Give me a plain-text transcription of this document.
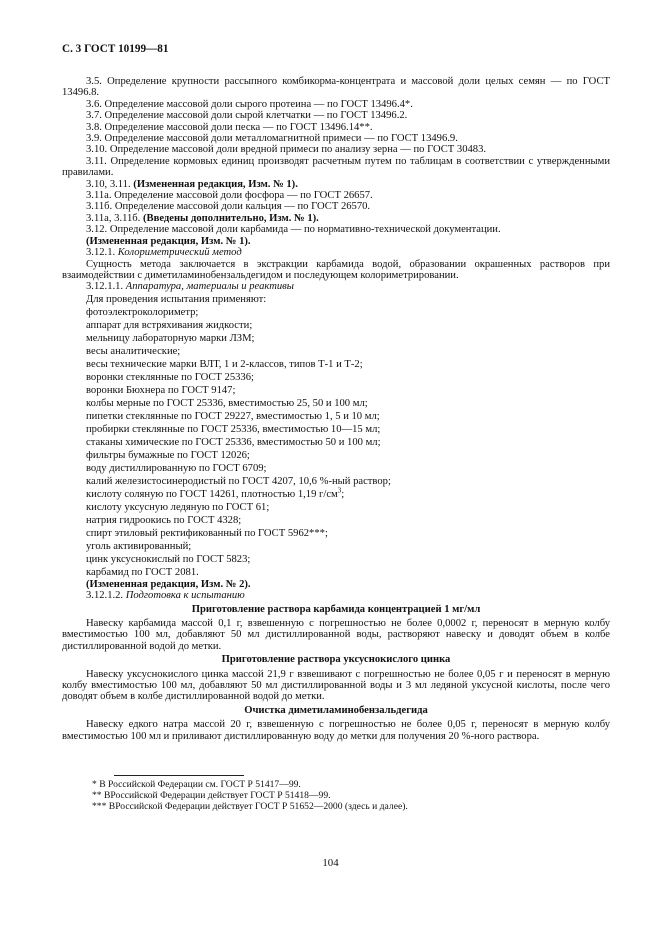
С. 3 ГОСТ 10199—81

3.5. Определение крупности рассыпного комбикорма-концентрата и массовой доли целых семян — по ГОСТ 13496.8.

3.6. Определение массовой доли сырого протеина — по ГОСТ 13496.4*.

3.7. Определение массовой доли сырой клетчатки — по ГОСТ 13496.2.

3.8. Определение массовой доли песка — по ГОСТ 13496.14**.

3.9. Определение массовой доли металломагнитной примеси — по ГОСТ 13496.9.

3.10. Определение массовой доли вредной примеси по анализу зерна — по ГОСТ 30483.

3.11. Определение кормовых единиц производят расчетным путем по таблицам в соответствии с утвержденными правилами.

3.10, 3.11. (Измененная редакция, Изм. № 1).

3.11а. Определение массовой доли фосфора — по ГОСТ 26657.

3.11б. Определение массовой доли кальция — по ГОСТ 26570.

3.11а, 3.11б. (Введены дополнительно, Изм. № 1).

3.12. Определение массовой доли карбамида — по нормативно-технической документации.

(Измененная редакция, Изм. № 1).

3.12.1. Колориметрический метод

Сущность метода заключается в экстракции карбамида водой, образовании окрашенных растворов при взаимодействии с диметиламинобензальдегидом и последующем колориметрировании.

3.12.1.1. Аппаратура, материалы и реактивы

Для проведения испытания применяют:

фотоэлектроколориметр;

аппарат для встряхивания жидкости;

мельницу лабораторную марки ЛЗМ;

весы аналитические;

весы технические марки ВЛТ, 1 и 2-классов, типов Т-1 и Т-2;

воронки стеклянные по ГОСТ 25336;

воронки Бюхнера по ГОСТ 9147;

колбы мерные по ГОСТ 25336, вместимостью 25, 50 и 100 мл;

пипетки стеклянные по ГОСТ 29227, вместимостью 1, 5 и 10 мл;

пробирки стеклянные по ГОСТ 25336, вместимостью 10—15 мл;

стаканы химические по ГОСТ 25336, вместимостью 50 и 100 мл;

фильтры бумажные по ГОСТ 12026;

воду дистиллированную по ГОСТ 6709;

калий железистосинеродистый по ГОСТ 4207, 10,6 %-ный раствор;

кислоту соляную по ГОСТ 14261, плотностью 1,19 $г/см^3$;

кислоту уксусную ледяную по ГОСТ 61;

натрия гидроокись по ГОСТ 4328;

спирт этиловый ректификованный по ГОСТ 5962***;

уголь активированный;

цинк уксуснокислый по ГОСТ 5823;

карбамид по ГОСТ 2081.

(Измененная редакция, Изм. № 2).

3.12.1.2. Подготовка к испытанию

Приготовление раствора карбамида концентрацией 1 мг/мл

Навеску карбамида массой 0,1 г, взвешенную с погрешностью не более 0,0002 г, переносят в мерную колбу вместимостью 100 мл, добавляют 50 мл дистиллированной воды, растворяют навеску и доводят объем в колбе дистиллированной водой до метки.

Приготовление раствора уксуснокислого цинка

Навеску уксуснокислого цинка массой 21,9 г взвешивают с погрешностью не более 0,05 г и переносят в мерную колбу вместимостью 100 мл, добавляют 50 мл дистиллированной воды и 3 мл ледяной уксусной кислоты, после чего доводят объем в колбе дистиллированной водой до метки.

Очистка диметиламинобензальдегида

Навеску едкого натра массой 20 г, взвешенную с погрешностью не более 0,05 г, переносят в мерную колбу вместимостью 100 мл и приливают дистиллированную воду до метки для получения 20 %-ного раствора.

* В Российской Федерации см. ГОСТ Р 51417—99.

** ВРоссийской Федерации действует ГОСТ Р 51418—99.

*** ВРоссийской Федерации действует ГОСТ Р 51652—2000 (здесь и далее).

104
